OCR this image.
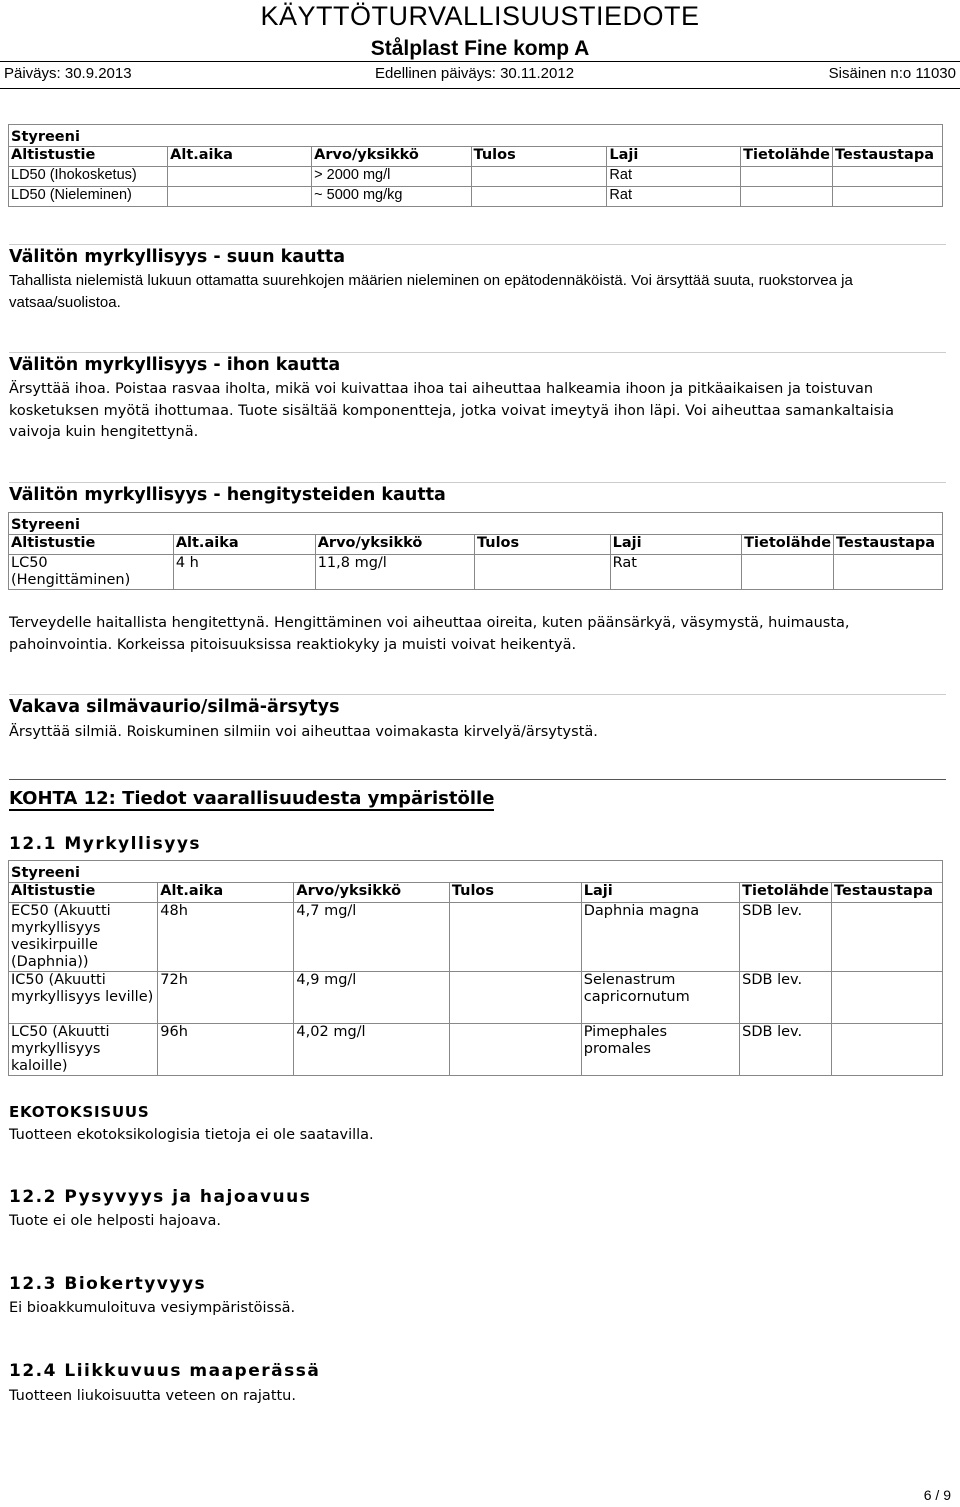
KÄYTTÖTURVALLISUUSTIEDOTE
Stålplast Fine komp A
Päiväys: 30.9.2013	Edellinen päiväys: 30.11.2012	Sisäinen n:o 11030
Styreeni						
Altistustie	Alt.aika	Arvo/yksikkö	Tulos	Laji	Tietolähde	Testaustapa
LD50 (Ihokosketus)		> 2000 mg/l		Rat		
LD50 (Nieleminen)		~ 5000 mg/kg		Rat		
Välitön myrkyllisyys - suun kautta
Tahallista nielemistä lukuun ottamatta suurehkojen määrien nieleminen on epätodennäköistä. Voi ärsyttää suuta, ruokstorvea ja vatsaa/suolistoa.
Välitön myrkyllisyys - ihon kautta
Ärsyttää ihoa. Poistaa rasvaa iholta, mikä voi kuivattaa ihoa tai aiheuttaa halkeamia ihoon ja pitkäaikaisen ja toistuvan kosketuksen myötä ihottumaa. Tuote sisältää komponentteja, jotka voivat imeytyä ihon läpi. Voi aiheuttaa samankaltaisia vaivoja kuin hengitettynä.
Välitön myrkyllisyys - hengitysteiden kautta
Styreeni						
Altistustie	Alt.aika	Arvo/yksikkö	Tulos	Laji	Tietolähde	Testaustapa
LC50 (Hengittäminen)	4 h	11,8 mg/l		Rat		
Terveydelle haitallista hengitettynä. Hengittäminen voi aiheuttaa oireita, kuten päänsärkyä, väsymystä, huimausta, pahoinvointia. Korkeissa pitoisuuksissa reaktiokyky ja muisti voivat heikentyä.
Vakava silmävaurio/silmä-ärsytys
Ärsyttää silmiä. Roiskuminen silmiin voi aiheuttaa voimakasta kirvelyä/ärsytystä.
KOHTA 12: Tiedot vaarallisuudesta ympäristölle
12.1 Myrkyllisyys
Styreeni						
Altistustie	Alt.aika	Arvo/yksikkö	Tulos	Laji	Tietolähde	Testaustapa
EC50 (Akuutti myrkyllisyys vesikirpuille (Daphnia))	48h	4,7 mg/l		Daphnia magna	SDB lev.	
IC50 (Akuutti myrkyllisyys leville)	72h	4,9 mg/l		Selenastrum capricornutum	SDB lev.	
LC50 (Akuutti myrkyllisyys kaloille)	96h	4,02 mg/l		Pimephales promales	SDB lev.	
EKOTOKSISUUS
Tuotteen ekotoksikologisia tietoja ei ole saatavilla.
12.2 Pysyvyys ja hajoavuus
Tuote ei ole helposti hajoava.
12.3 Biokertyvyys
Ei bioakkumuloituva vesiympäristöissä.
12.4 Liikkuvuus maaperässä
Tuotteen liukoisuutta veteen on rajattu.
6 / 9
